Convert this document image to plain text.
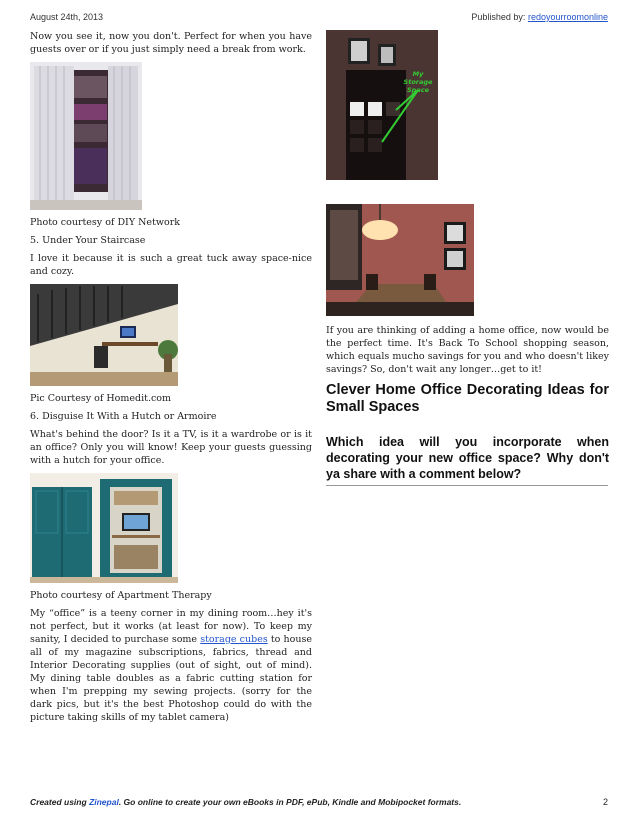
August 24th, 2013	Published by: redoyourroomonline

Now you see it, now you don't. Perfect for when you have guests over or if you just simply need a break from work.

Photo courtesy of DIY Network

5. Under Your Staircase

I love it because it is such a great tuck away space-nice and cozy.

Pic Courtesy of Homedit.com

6. Disguise It With a Hutch or Armoire

What's behind the door? Is it a TV, is it a wardrobe or is it an office? Only you will know! Keep your guests guessing with a hutch for your office.

Photo courtesy of Apartment Therapy

My “office” is a teeny corner in my dining room…hey it's not perfect, but it works (at least for now). To keep my sanity, I decided to purchase some storage cubes to house all of my magazine subscriptions, fabrics, thread and Interior Decorating supplies (out of sight, out of mind). My dining table doubles as a fabric cutting station for when I'm prepping my sewing projects. (sorry for the dark pics, but it's the best Photoshop could do with the picture taking skills of my tablet camera)

My Storage Space

If you are thinking of adding a home office, now would be the perfect time. It's Back To School shopping season, which equals mucho savings for you and who doesn't likey savings? So, don't wait any longer…get to it!

Clever Home Office Decorating Ideas for Small Spaces
Which idea will you incorporate when decorating your new office space? Why don't ya share with a comment below?
Created using Zinepal. Go online to create your own eBooks in PDF, ePub, Kindle and Mobipocket formats.	2
